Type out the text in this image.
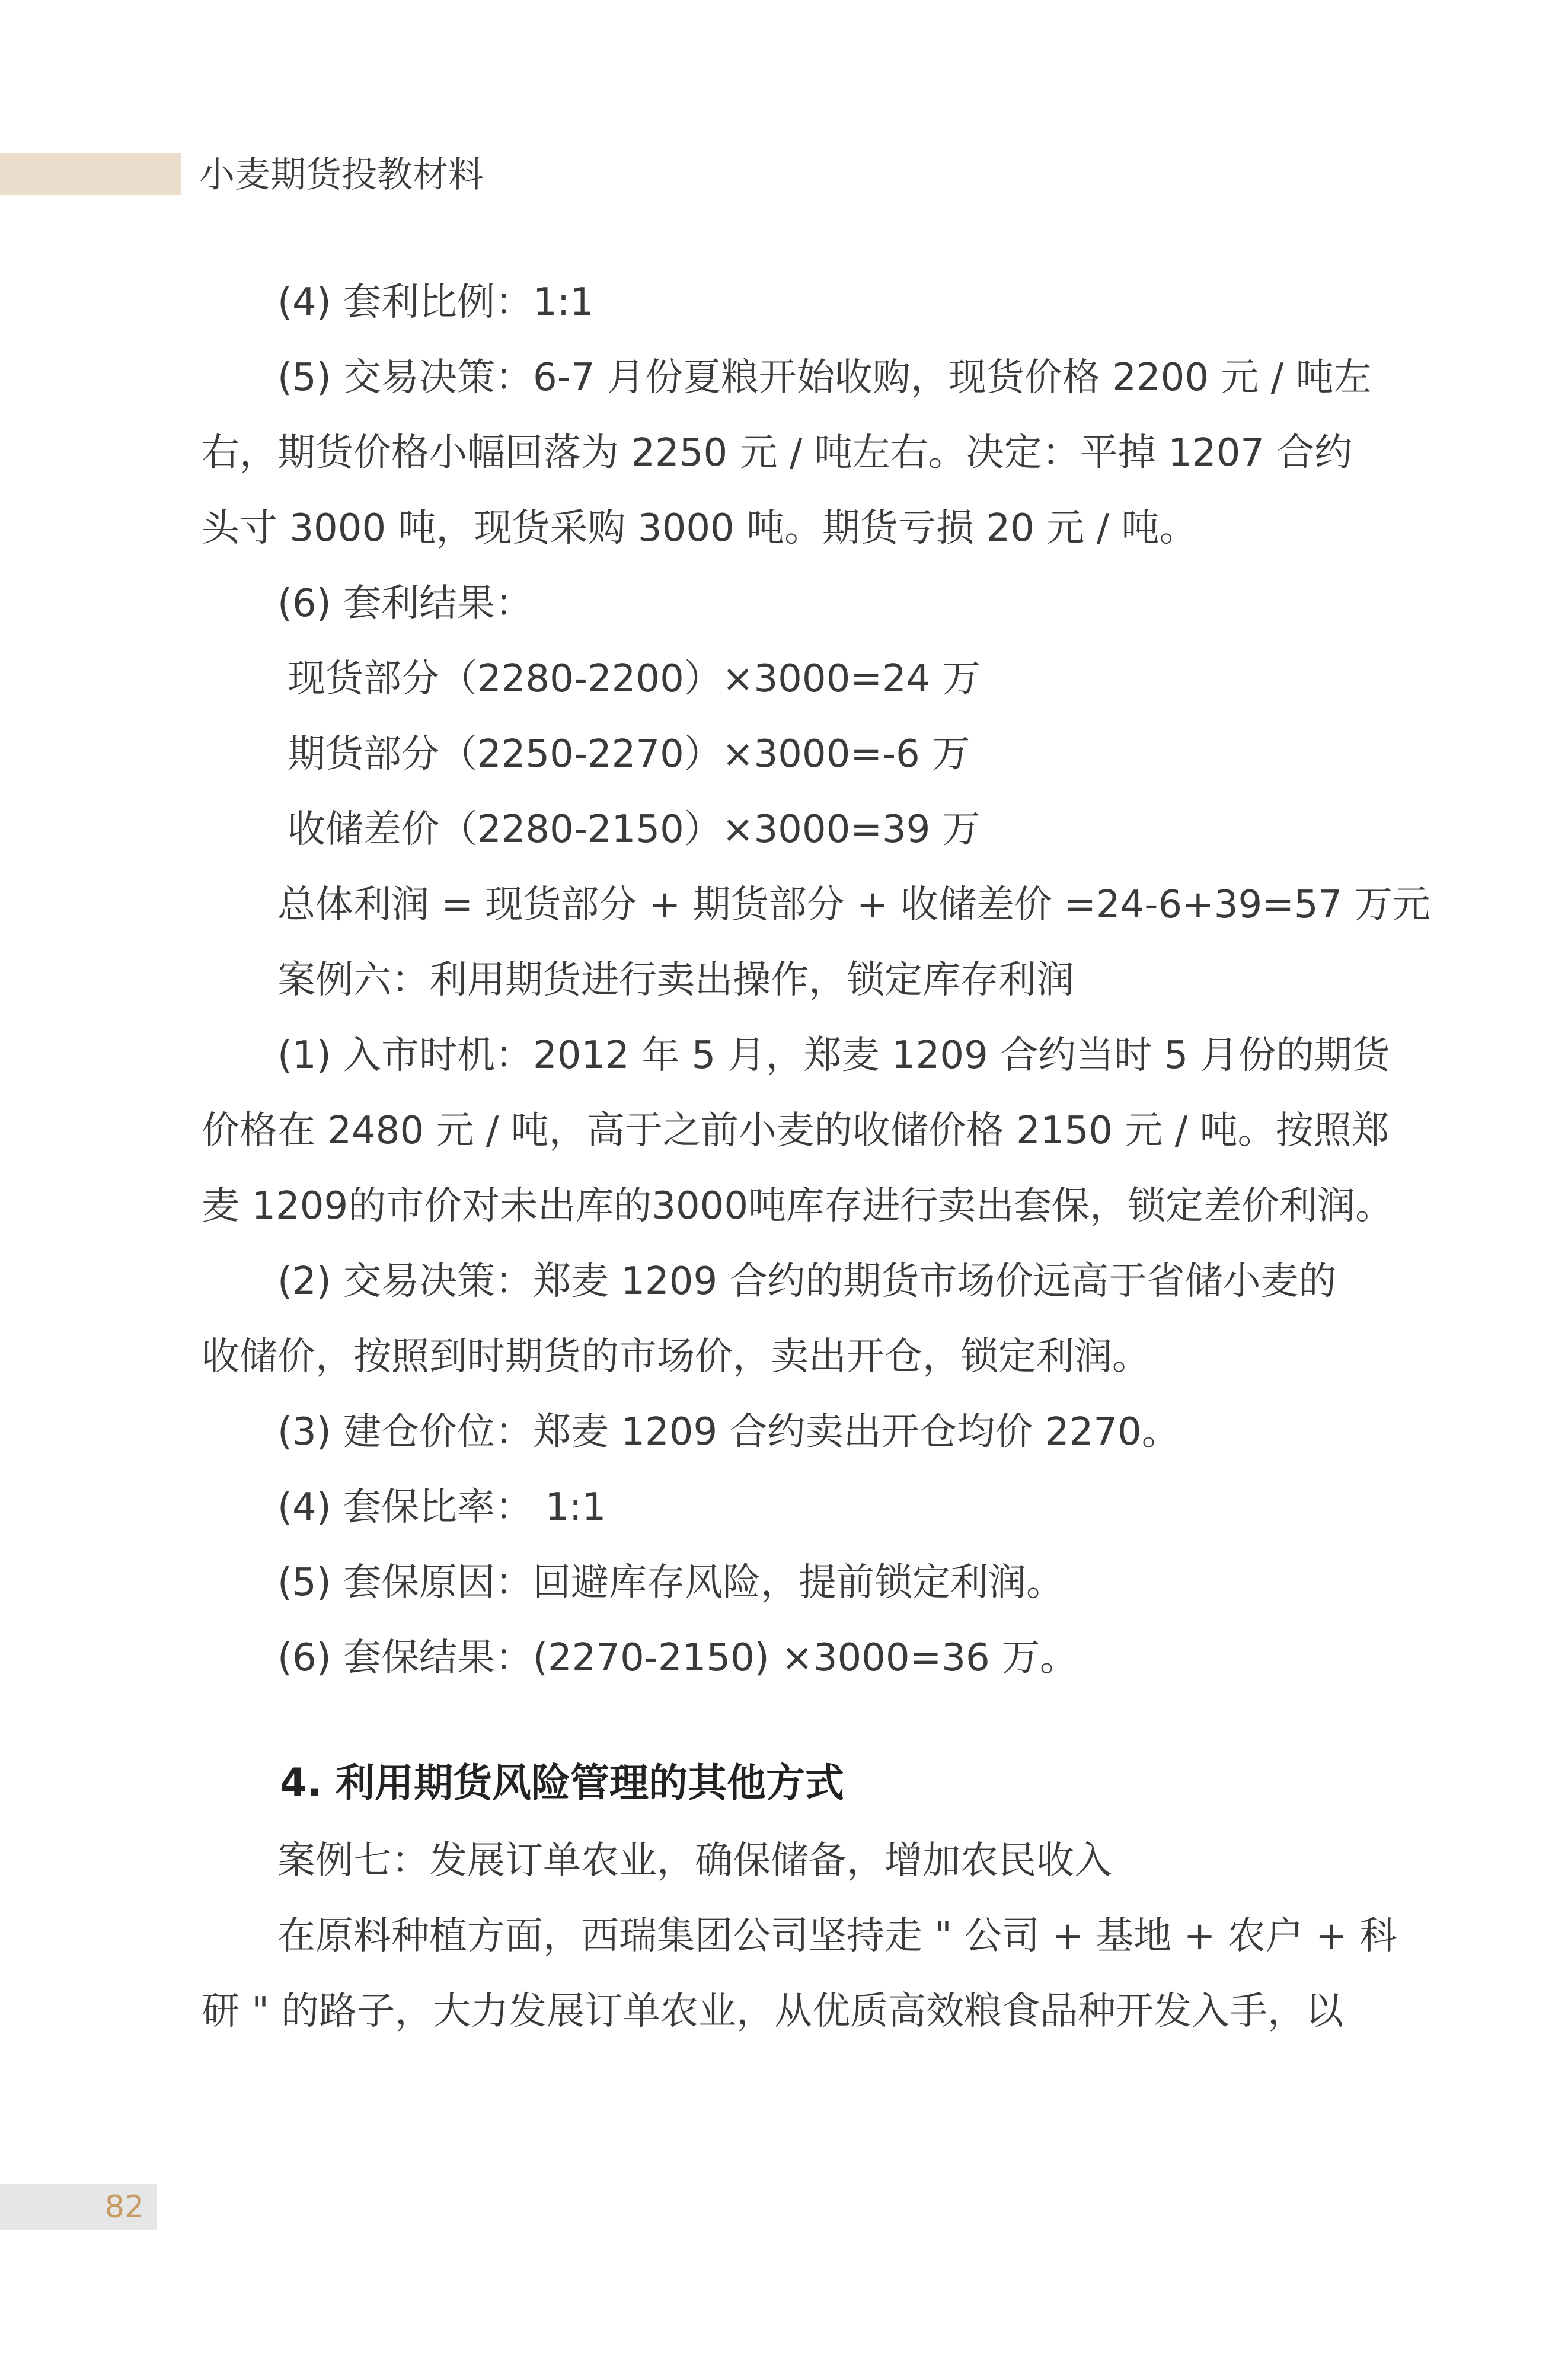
小麦期货投教材料
(4) 套利比例：1:1
(5) 交易决策：6-7 月份夏粮开始收购，现货价格 2200 元 / 吨左
右，期货价格小幅回落为 2250 元 / 吨左右。决定：平掉 1207 合约
头寸 3000 吨，现货采购 3000 吨。期货亏损 20 元 / 吨。
(6) 套利结果：
现货部分（2280-2200）×3000=24 万
期货部分（2250-2270）×3000=-6 万
收储差价（2280-2150）×3000=39 万
总体利润 = 现货部分 + 期货部分 + 收储差价 =24-6+39=57 万元
案例六：利用期货进行卖出操作，锁定库存利润
(1) 入市时机：2012 年 5 月，郑麦 1209 合约当时 5 月份的期货
价格在 2480 元 / 吨，高于之前小麦的收储价格 2150 元 / 吨。按照郑
麦 1209的市价对未出库的3000吨库存进行卖出套保，锁定差价利润。
(2) 交易决策：郑麦 1209 合约的期货市场价远高于省储小麦的
收储价，按照到时期货的市场价，卖出开仓，锁定利润。
(3) 建仓价位：郑麦 1209 合约卖出开仓均价 2270。
(4) 套保比率： 1:1
(5) 套保原因：回避库存风险，提前锁定利润。
(6) 套保结果：(2270-2150) ×3000=36 万。
4. 利用期货风险管理的其他方式
案例七：发展订单农业，确保储备，增加农民收入
在原料种植方面，西瑞集团公司坚持走 " 公司 + 基地 + 农户 + 科
研 " 的路子，大力发展订单农业，从优质高效粮食品种开发入手，以
82
